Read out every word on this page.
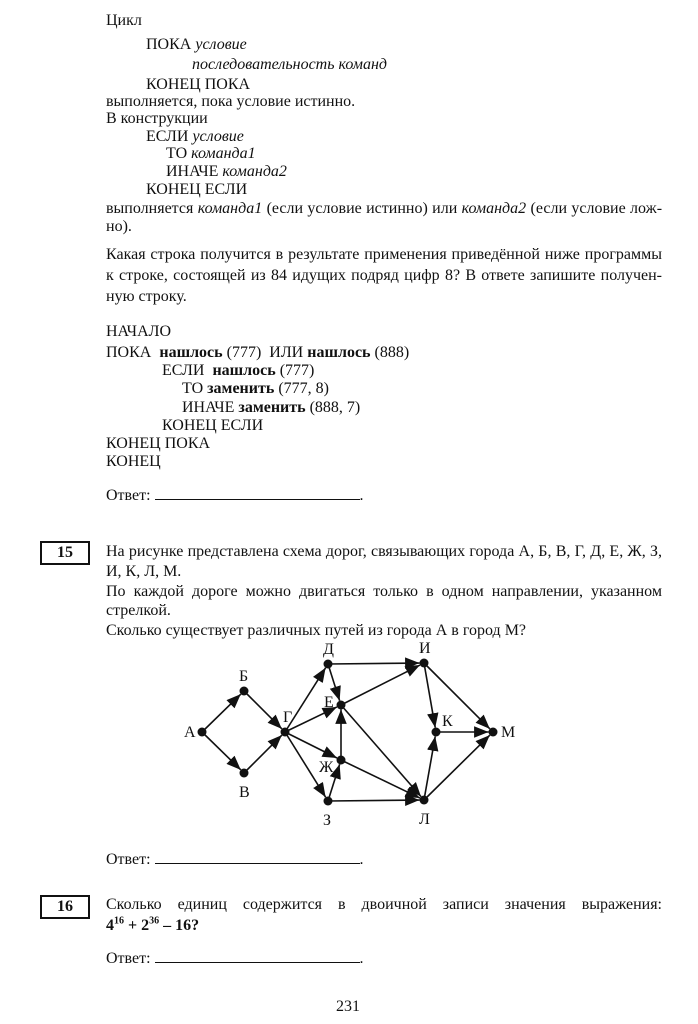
Цикл
ПОКА условие
последовательность команд
КОНЕЦ ПОКА
выполняется, пока условие истинно.
В конструкции
ЕСЛИ условие
ТО команда1
ИНАЧЕ команда2
КОНЕЦ ЕСЛИ
выполняется команда1 (если условие истинно) или команда2 (если условие лож-
но).
Какая строка получится в результате применения приведённой ниже программы
к строке, состоящей из 84 идущих подряд цифр 8? В ответе запишите получен-
ную строку.
НАЧАЛО
ПОКА нашлось (777) ИЛИ нашлось (888)
ЕСЛИ нашлось (777)
ТО заменить (777, 8)
ИНАЧЕ заменить (888, 7)
КОНЕЦ ЕСЛИ
КОНЕЦ ПОКА
КОНЕЦ
Ответ:	.
15	На рисунке представлена схема дорог, связывающих города А, Б, В, Г, Д, Е, Ж, З,
И, К, Л, М.
По каждой дороге можно двигаться только в одном направлении, указанном
стрелкой.
Сколько существует различных путей из города А в город М?
А
Б
В
Г
Д
Е
Ж
З
И
К
Л
М
Ответ:	.
16	Сколько единиц содержится в двоичной записи значения выражения:
$4^{16} + 2^{36} - 16$?
Ответ:	.
231
